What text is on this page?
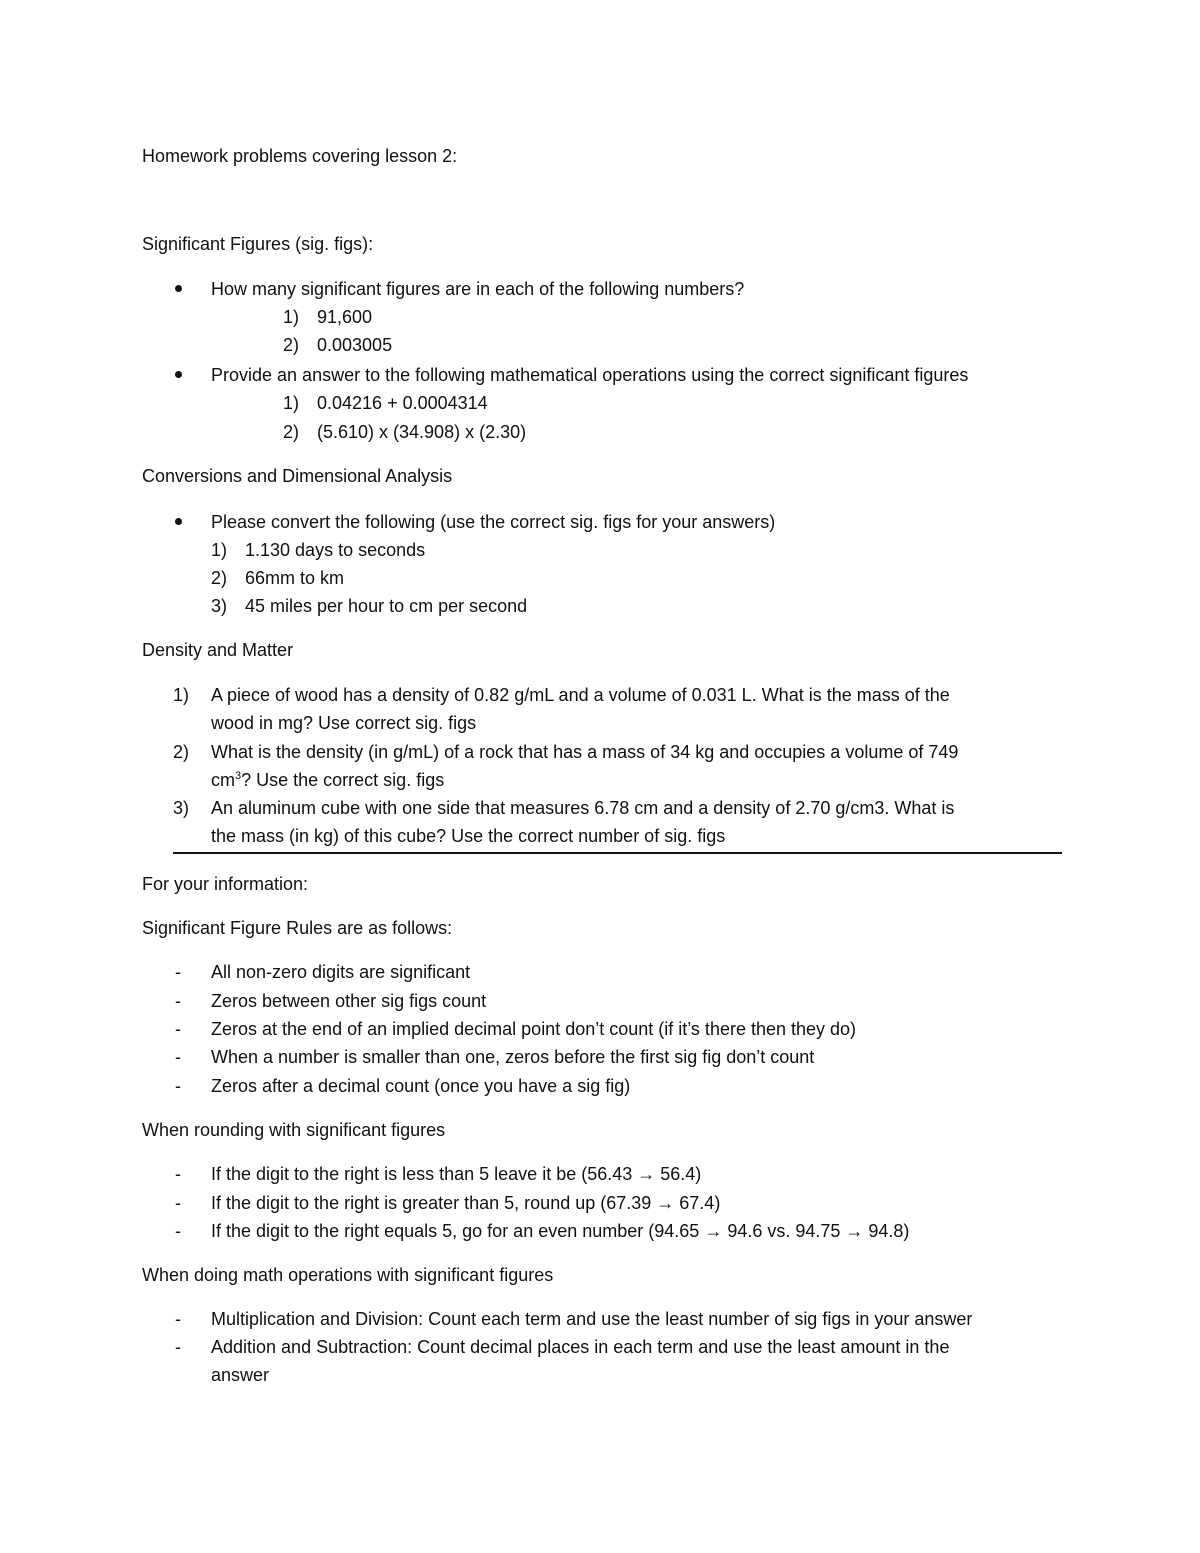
Homework problems covering lesson 2:
Significant Figures (sig. figs):
How many significant figures are in each of the following numbers?
1) 91,600
2) 0.003005
Provide an answer to the following mathematical operations using the correct significant figures
1) 0.04216 + 0.0004314
2) (5.610) x (34.908) x (2.30)
Conversions and Dimensional Analysis
Please convert the following (use the correct sig. figs for your answers)
1) 1.130 days to seconds
2) 66mm to km
3) 45 miles per hour to cm per second
Density and Matter
1) A piece of wood has a density of 0.82 g/mL and a volume of 0.031 L. What is the mass of the
wood in mg? Use correct sig. figs
2) What is the density (in g/mL) of a rock that has a mass of 34 kg and occupies a volume of 749
$cm^3$? Use the correct sig. figs
3) An aluminum cube with one side that measures 6.78 cm and a density of 2.70 g/cm3. What is
the mass (in kg) of this cube? Use the correct number of sig. figs
For your information:
Significant Figure Rules are as follows:
- All non-zero digits are significant
- Zeros between other sig figs count
- Zeros at the end of an implied decimal point don’t count (if it’s there then they do)
- When a number is smaller than one, zeros before the first sig fig don’t count
- Zeros after a decimal count (once you have a sig fig)
When rounding with significant figures
- If the digit to the right is less than 5 leave it be (56.43 → 56.4)
- If the digit to the right is greater than 5, round up (67.39 → 67.4)
- If the digit to the right equals 5, go for an even number (94.65 → 94.6 vs. 94.75 → 94.8)
When doing math operations with significant figures
- Multiplication and Division: Count each term and use the least number of sig figs in your answer
- Addition and Subtraction: Count decimal places in each term and use the least amount in the
answer
